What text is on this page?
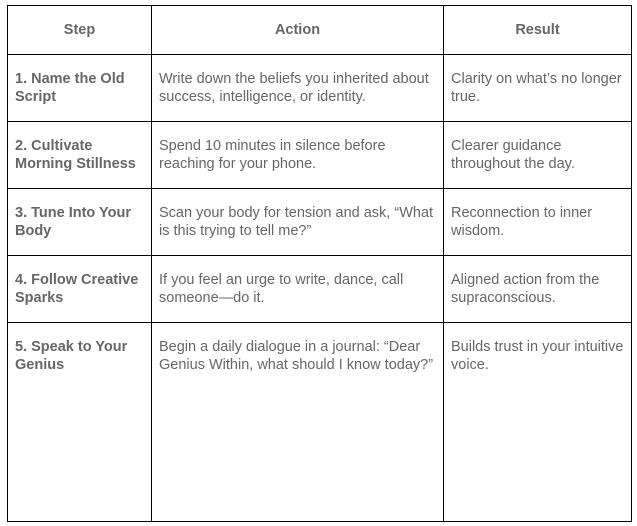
Step	Action	Result
1. Name the Old Script	Write down the beliefs you inherited about success, intelligence, or identity.	Clarity on what’s no longer true.
2. Cultivate Morning Stillness	Spend 10 minutes in silence before reaching for your phone.	Clearer guidance throughout the day.
3. Tune Into Your Body	Scan your body for tension and ask, “What is this trying to tell me?”	Reconnection to inner wisdom.
4. Follow Creative Sparks	If you feel an urge to write, dance, call someone—do it.	Aligned action from the supraconscious.
5. Speak to Your Genius	Begin a daily dialogue in a journal: “Dear Genius Within, what should I know today?”	Builds trust in your intuitive voice.
